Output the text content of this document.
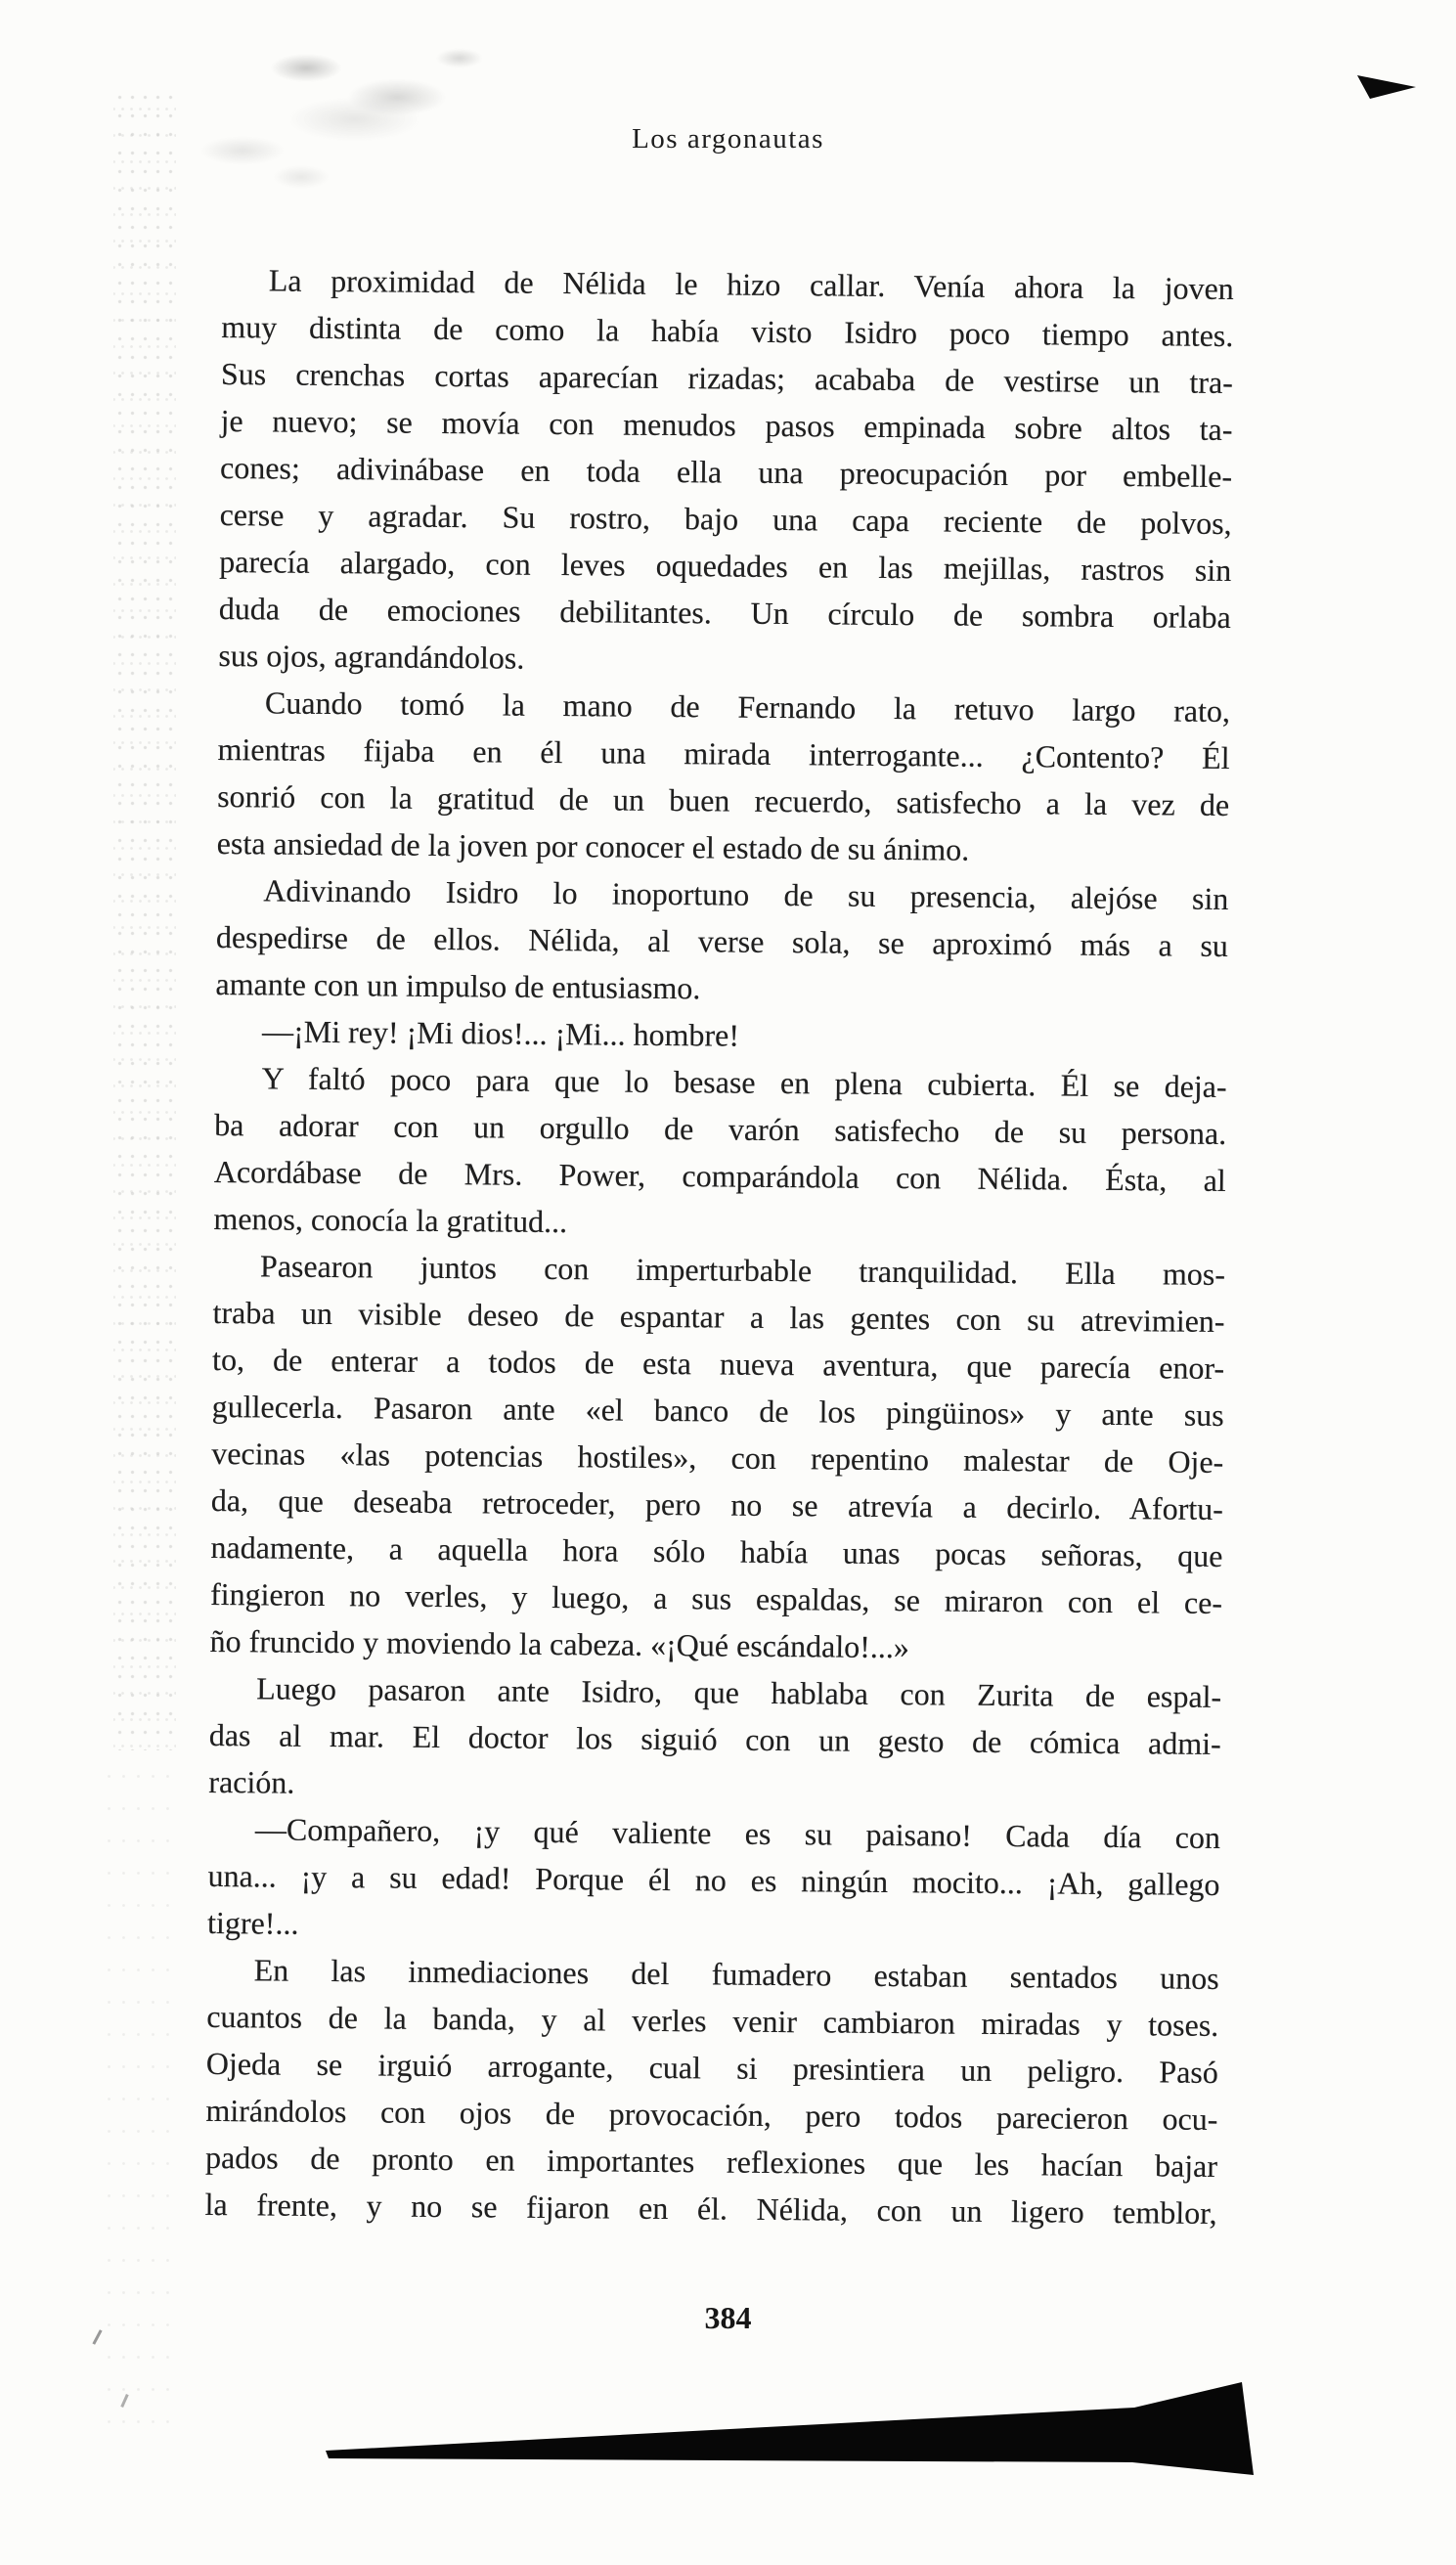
Los argonautas
La proximidad de Nélida le hizo callar. Venía ahora la joven
muy distinta de como la había visto Isidro poco tiempo antes.
Sus crenchas cortas aparecían rizadas; acababa de vestirse un tra-
je nuevo; se movía con menudos pasos empinada sobre altos ta-
cones; adivinábase en toda ella una preocupación por embelle-
cerse y agradar. Su rostro, bajo una capa reciente de polvos,
parecía alargado, con leves oquedades en las mejillas, rastros sin
duda de emociones debilitantes. Un círculo de sombra orlaba
sus ojos, agrandándolos.
Cuando tomó la mano de Fernando la retuvo largo rato,
mientras fijaba en él una mirada interrogante... ¿Contento? Él
sonrió con la gratitud de un buen recuerdo, satisfecho a la vez de
esta ansiedad de la joven por conocer el estado de su ánimo.
Adivinando Isidro lo inoportuno de su presencia, alejóse sin
despedirse de ellos. Nélida, al verse sola, se aproximó más a su
amante con un impulso de entusiasmo.
—¡Mi rey! ¡Mi dios!... ¡Mi... hombre!
Y faltó poco para que lo besase en plena cubierta. Él se deja-
ba adorar con un orgullo de varón satisfecho de su persona.
Acordábase de Mrs. Power, comparándola con Nélida. Ésta, al
menos, conocía la gratitud...
Pasearon juntos con imperturbable tranquilidad. Ella mos-
traba un visible deseo de espantar a las gentes con su atrevimien-
to, de enterar a todos de esta nueva aventura, que parecía enor-
gullecerla. Pasaron ante «el banco de los pingüinos» y ante sus
vecinas «las potencias hostiles», con repentino malestar de Oje-
da, que deseaba retroceder, pero no se atrevía a decirlo. Afortu-
nadamente, a aquella hora sólo había unas pocas señoras, que
fingieron no verles, y luego, a sus espaldas, se miraron con el ce-
ño fruncido y moviendo la cabeza. «¡Qué escándalo!...»
Luego pasaron ante Isidro, que hablaba con Zurita de espal-
das al mar. El doctor los siguió con un gesto de cómica admi-
ración.
—Compañero, ¡y qué valiente es su paisano! Cada día con
una... ¡y a su edad! Porque él no es ningún mocito... ¡Ah, gallego
tigre!...
En las inmediaciones del fumadero estaban sentados unos
cuantos de la banda, y al verles venir cambiaron miradas y toses.
Ojeda se irguió arrogante, cual si presintiera un peligro. Pasó
mirándolos con ojos de provocación, pero todos parecieron ocu-
pados de pronto en importantes reflexiones que les hacían bajar
la frente, y no se fijaron en él. Nélida, con un ligero temblor,
384
